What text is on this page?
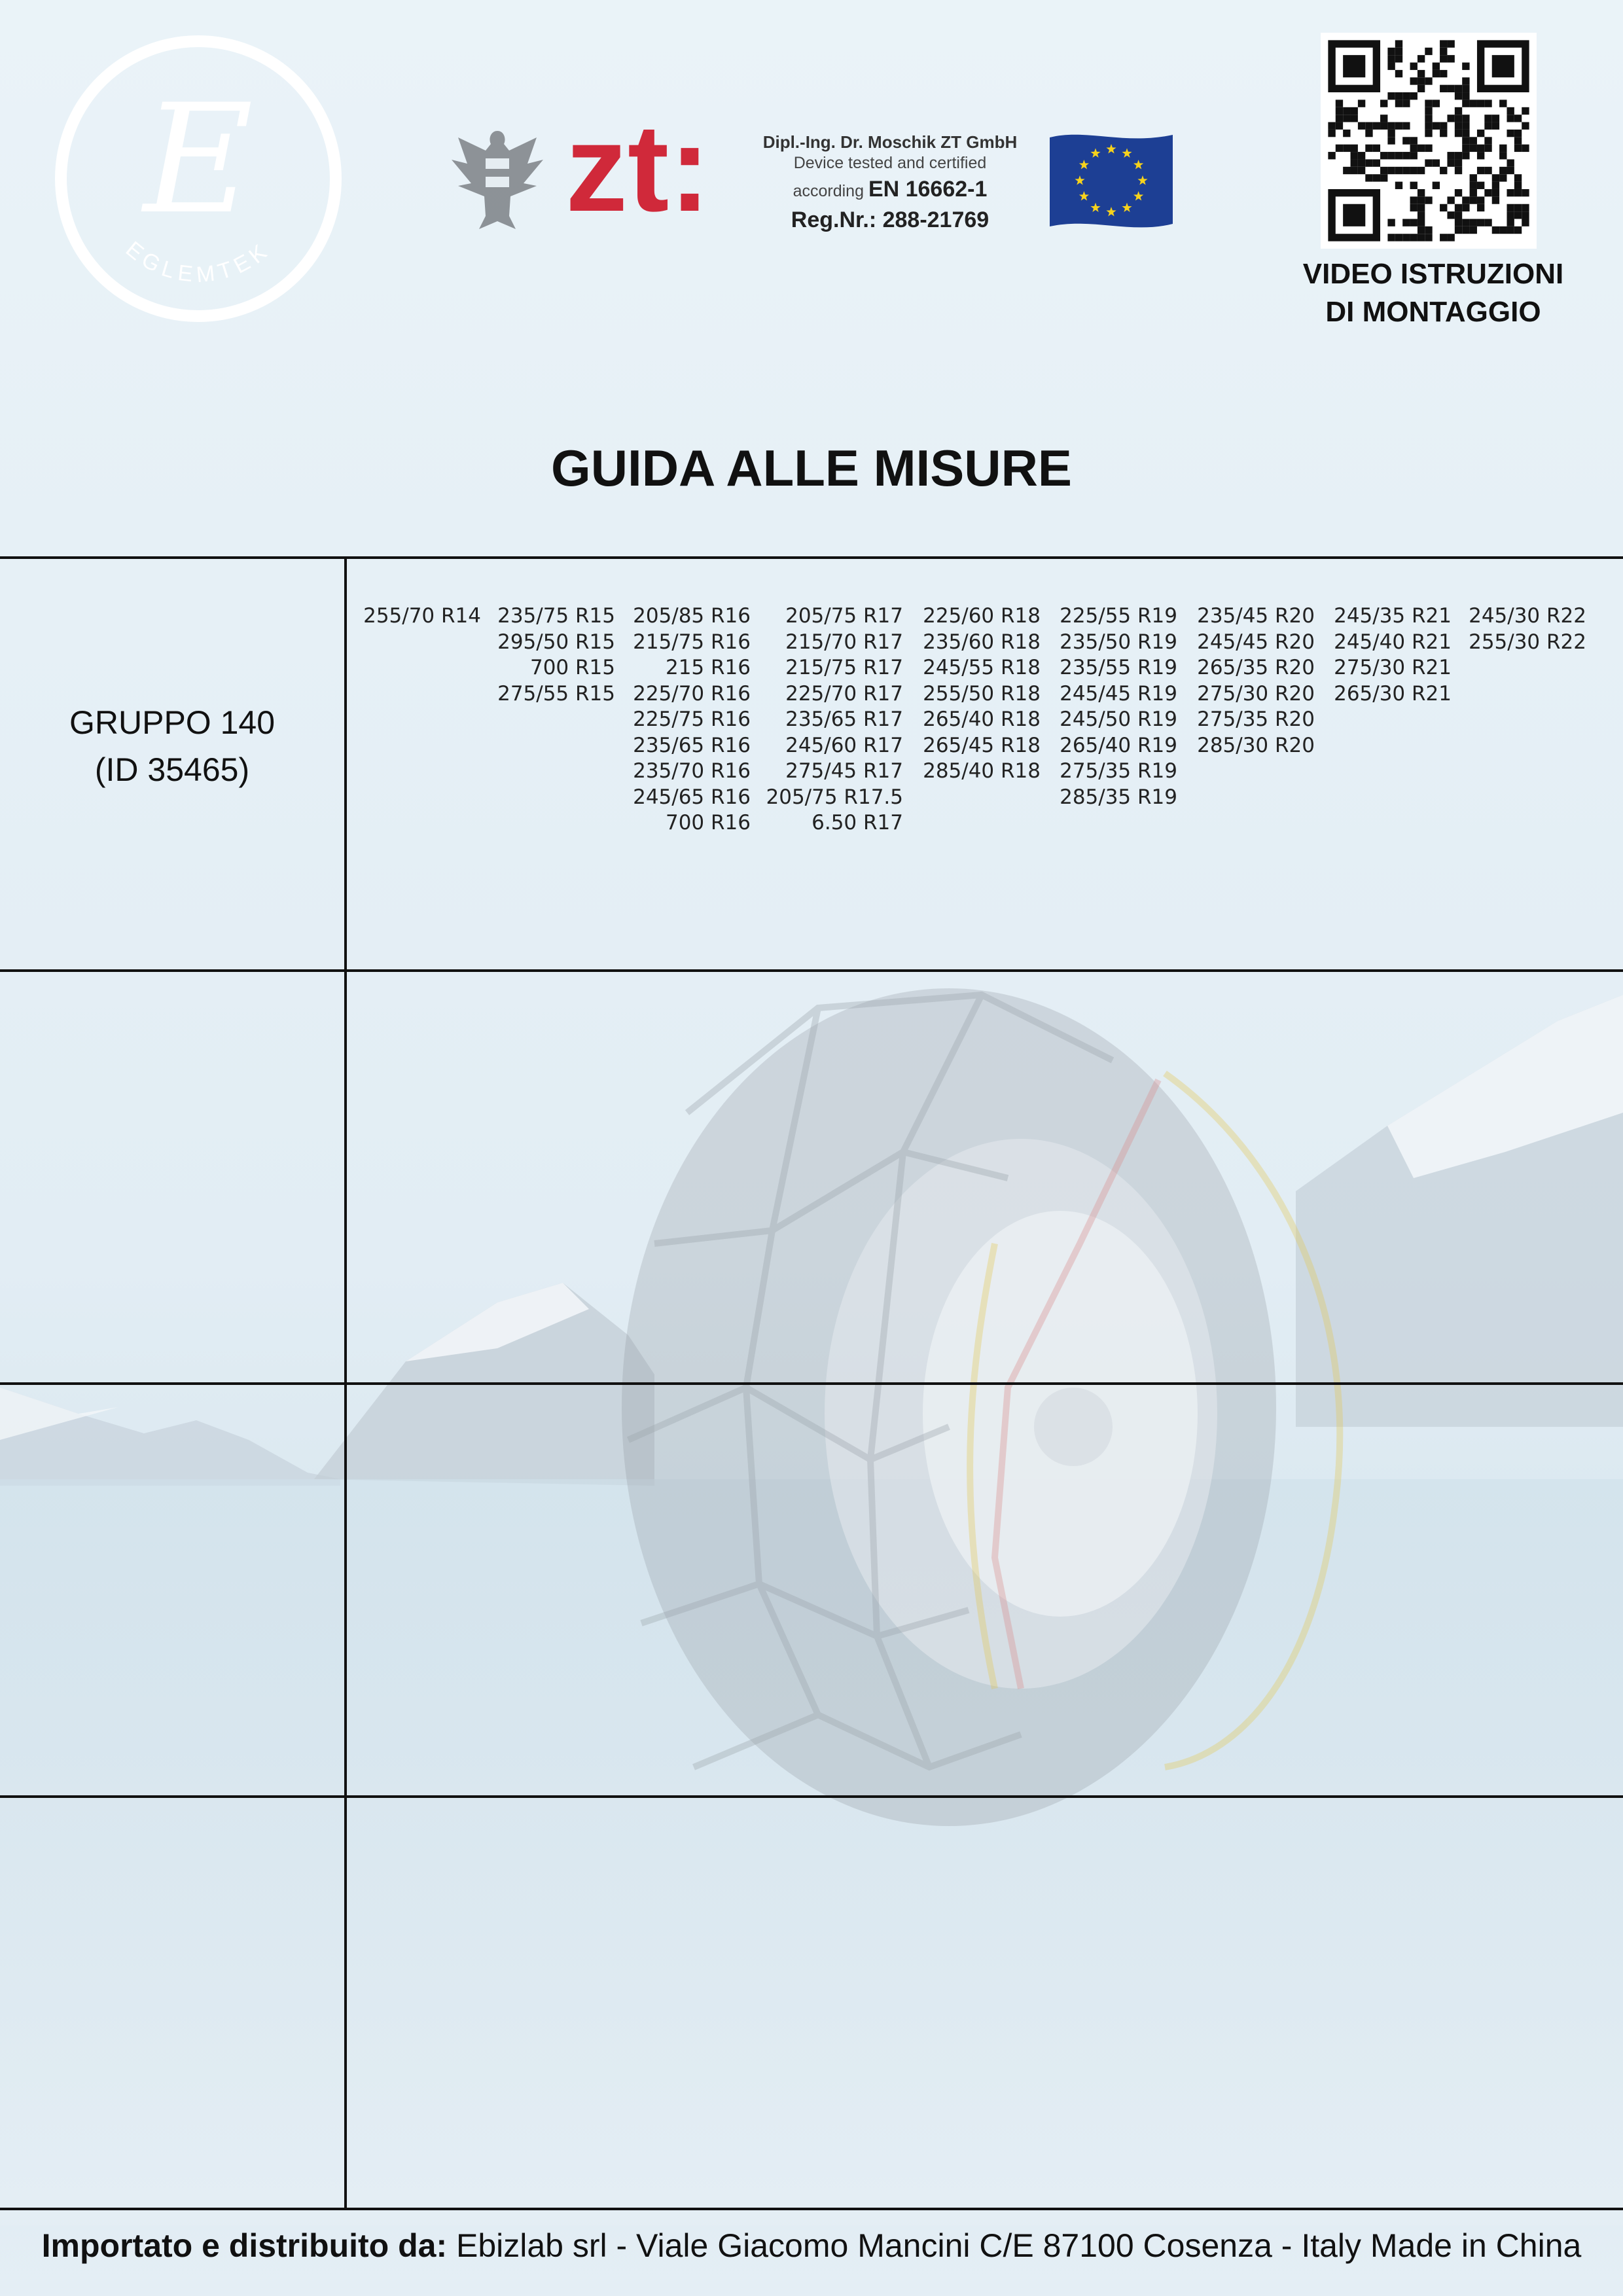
E
EGLEMTEK
zt:	Dipl.-Ing. Dr. Moschik ZT GmbH
Device tested and certified
according EN 16662-1
Reg.Nr.: 288-21769
VIDEO ISTRUZIONI
DI MONTAGGIO
GUIDA ALLE MISURE
GRUPPO 140
(ID 35465)
255/70 R14 235/75 R15
295/50 R15
700 R15
275/55 R15
205/85 R16
215/75 R16
215 R16
225/70 R16
225/75 R16
235/65 R16
235/70 R16
245/65 R16
700 R16
205/75 R17
215/70 R17
215/75 R17
225/70 R17
235/65 R17
245/60 R17
275/45 R17
205/75 R17.5
6.50 R17
225/60 R18
235/60 R18
245/55 R18
255/50 R18
265/40 R18
265/45 R18
285/40 R18
225/55 R19
235/50 R19
235/55 R19
245/45 R19
245/50 R19
265/40 R19
275/35 R19
285/35 R19
235/45 R20
245/45 R20
265/35 R20
275/30 R20
275/35 R20
285/30 R20
245/35 R21
245/40 R21
275/30 R21
265/30 R21
245/30 R22
255/30 R22
Importato e distribuito da: Ebizlab srl - Viale Giacomo Mancini C/E 87100 Cosenza - Italy Made in China
